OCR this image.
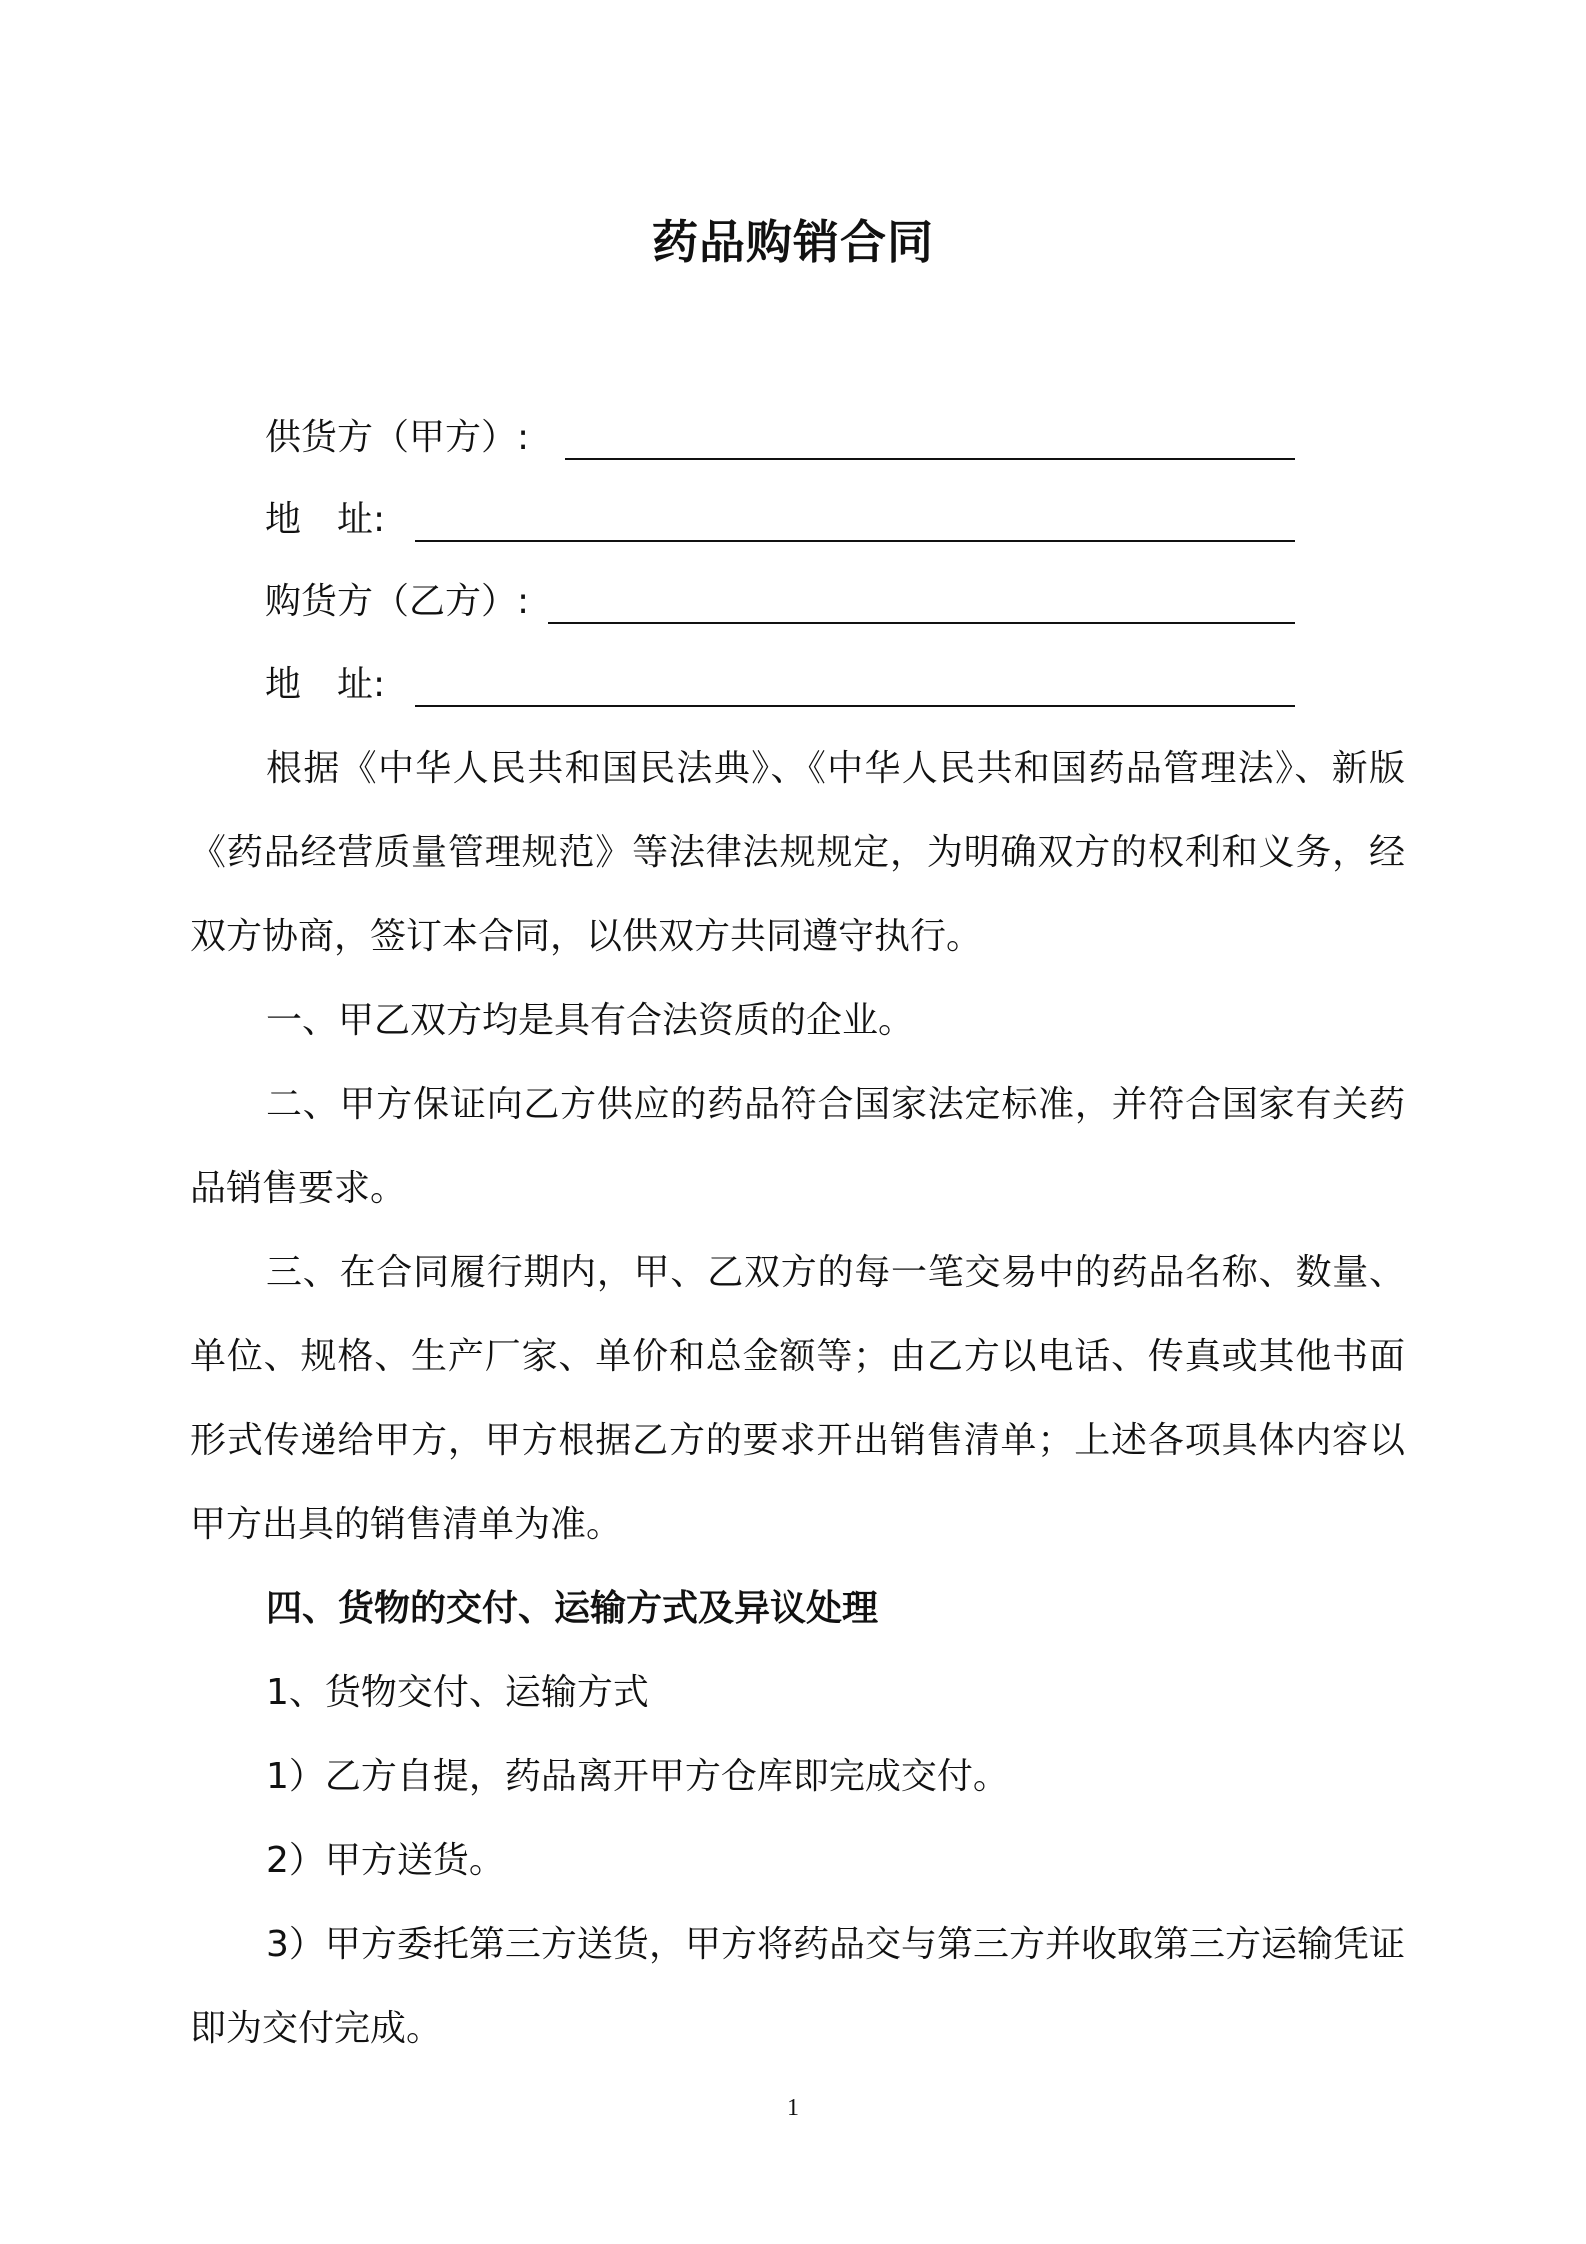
药品购销合同
供货方（甲方）:
地　址:
购货方（乙方）:
地　址:

根据《中华人民共和国民法典》、《中华人民共和国药品管理法》、新版《药品经营质量管理规范》等法律法规规定，为明确双方的权利和义务，经双方协商，签订本合同，以供双方共同遵守执行。

一、甲乙双方均是具有合法资质的企业。

二、甲方保证向乙方供应的药品符合国家法定标准，并符合国家有关药品销售要求。

三、在合同履行期内，甲、乙双方的每一笔交易中的药品名称、数量、单位、规格、生产厂家、单价和总金额等；由乙方以电话、传真或其他书面形式传递给甲方，甲方根据乙方的要求开出销售清单；上述各项具体内容以甲方出具的销售清单为准。

四、货物的交付、运输方式及异议处理

1、货物交付、运输方式

1）乙方自提，药品离开甲方仓库即完成交付。

2）甲方送货。

3）甲方委托第三方送货，甲方将药品交与第三方并收取第三方运输凭证即为交付完成。

1
